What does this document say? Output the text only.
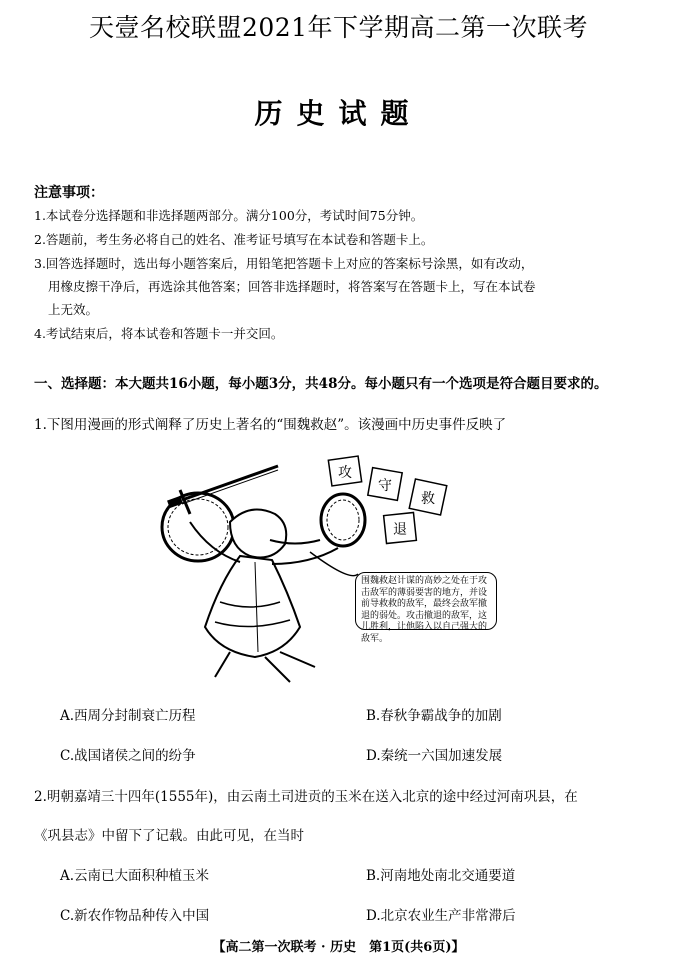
天壹名校联盟2021年下学期高二第一次联考
历史试题
注意事项：
1.本试卷分选择题和非选择题两部分。满分100分，考试时间75分钟。
2.答题前，考生务必将自己的姓名、准考证号填写在本试卷和答题卡上。
3.回答选择题时，选出每小题答案后，用铅笔把答题卡上对应的答案标号涂黑，如有改动，
用橡皮擦干净后，再选涂其他答案；回答非选择题时，将答案写在答题卡上，写在本试卷
上无效。
4.考试结束后，将本试卷和答题卡一并交回。
一、选择题：本大题共16小题，每小题3分，共48分。每小题只有一个选项是符合题目要求的。
1.下图用漫画的形式阐释了历史上著名的“围魏救赵”。该漫画中历史事件反映了
攻
守
救
退
围魏救赵计谋的高妙之处在于攻击敌军的薄弱要害的地方，并设前导救救的敌军，最终会敌军撤退的弱处。攻击撤退的敌军，这儿胜利，让他陷入以自己强大的敌军。
A.西周分封制衰亡历程	B.春秋争霸战争的加剧
C.战国诸侯之间的纷争	D.秦统一六国加速发展
2.明朝嘉靖三十四年(1555年)，由云南土司进贡的玉米在送入北京的途中经过河南巩县，在
《巩县志》中留下了记载。由此可见，在当时
A.云南已大面积种植玉米	B.河南地处南北交通要道
C.新农作物品种传入中国	D.北京农业生产非常滞后
【高二第一次联考 · 历史　第1页(共6页)】
